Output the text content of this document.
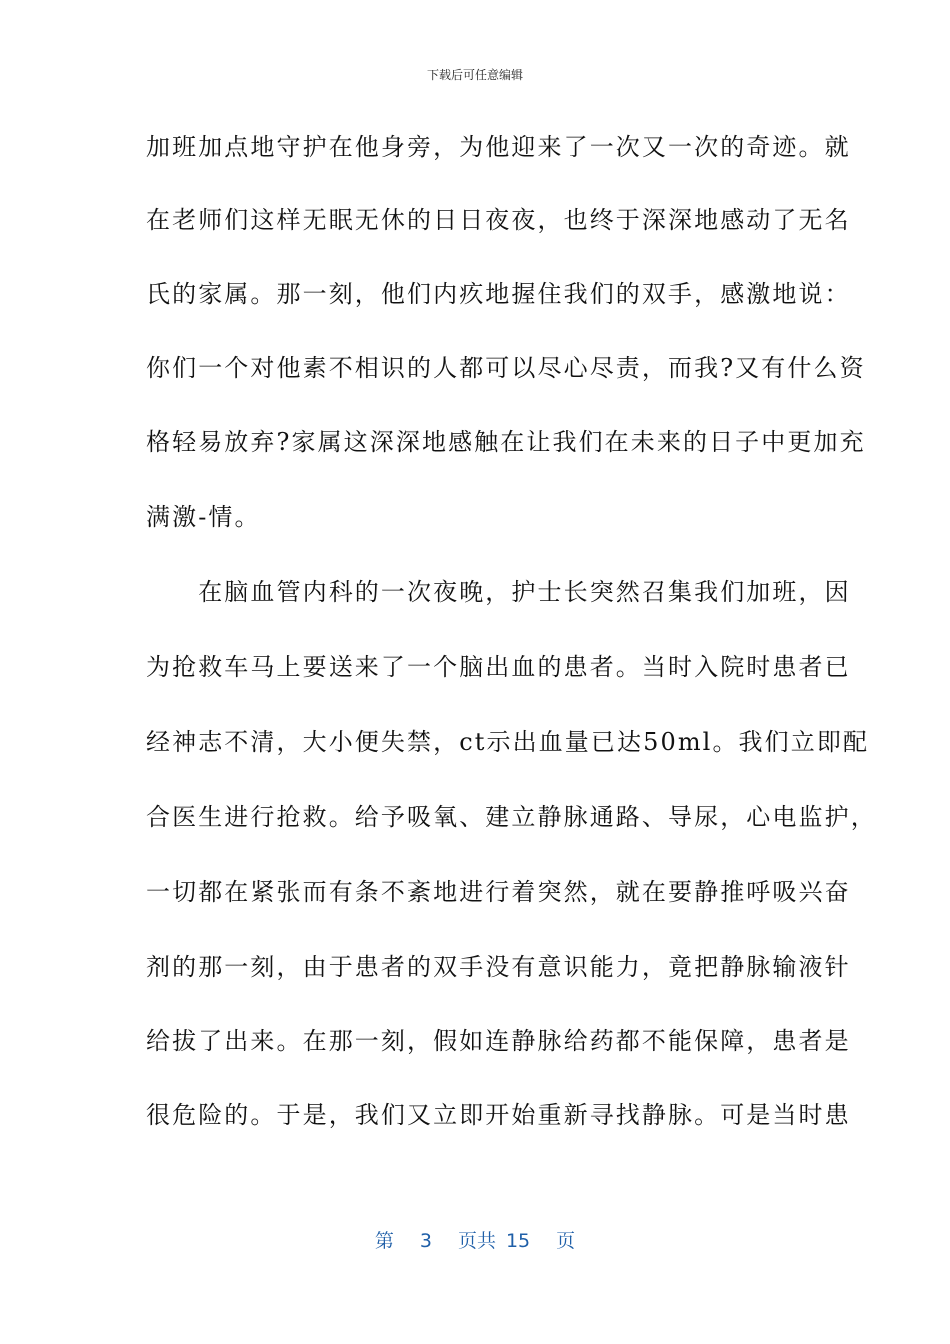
下载后可任意编辑
加班加点地守护在他身旁，为他迎来了一次又一次的奇迹。就
在老师们这样无眠无休的日日夜夜，也终于深深地感动了无名
氏的家属。那一刻，他们内疚地握住我们的双手，感激地说：
你们一个对他素不相识的人都可以尽心尽责，而我?又有什么资
格轻易放弃?家属这深深地感触在让我们在未来的日子中更加充
满激-情。
　　在脑血管内科的一次夜晚，护士长突然召集我们加班，因
为抢救车马上要送来了一个脑出血的患者。当时入院时患者已
经神志不清，大小便失禁，ct示出血量已达50ml。我们立即配
合医生进行抢救。给予吸氧、建立静脉通路、导尿，心电监护，
一切都在紧张而有条不紊地进行着突然，就在要静推呼吸兴奋
剂的那一刻，由于患者的双手没有意识能力，竟把静脉输液针
给拔了出来。在那一刻，假如连静脉给药都不能保障，患者是
很危险的。于是，我们又立即开始重新寻找静脉。可是当时患
第 3 页共 15 页
